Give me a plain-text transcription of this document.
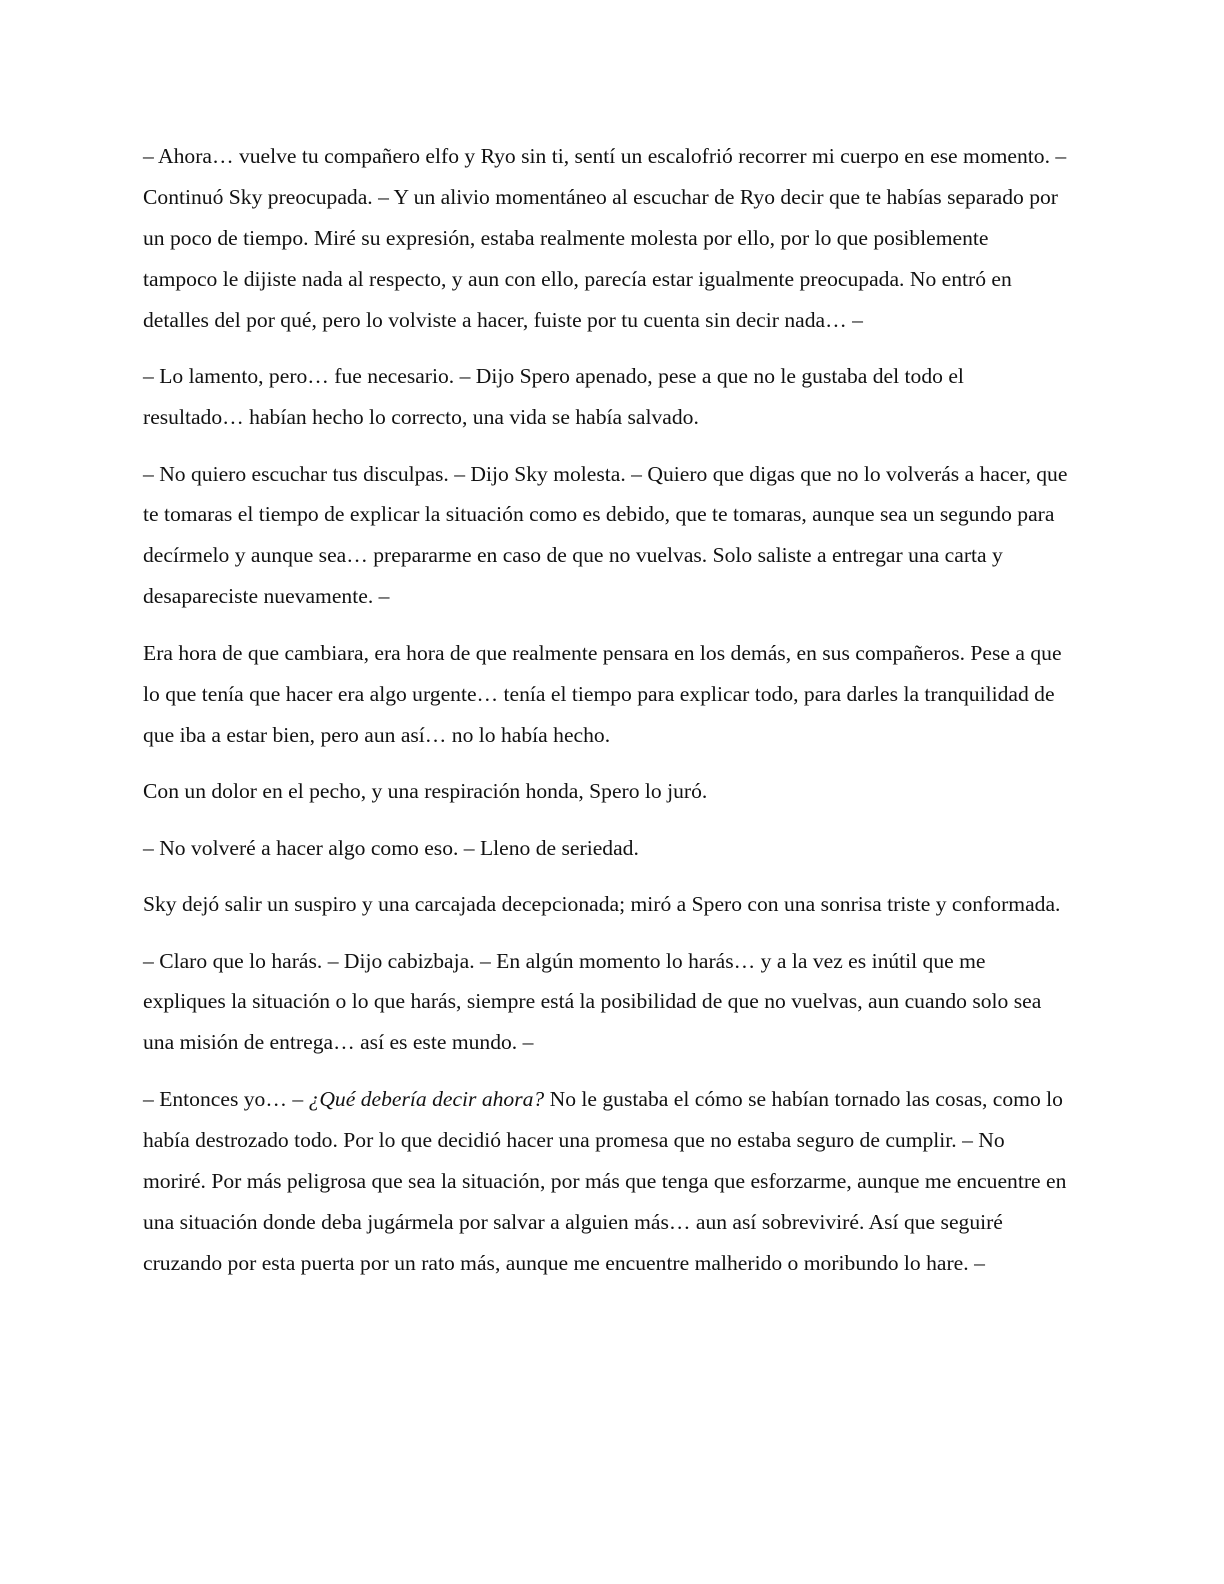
– Ahora… vuelve tu compañero elfo y Ryo sin ti, sentí un escalofrió recorrer mi cuerpo en ese momento. – Continuó Sky preocupada. – Y un alivio momentáneo al escuchar de Ryo decir que te habías separado por un poco de tiempo. Miré su expresión, estaba realmente molesta por ello, por lo que posiblemente tampoco le dijiste nada al respecto, y aun con ello, parecía estar igualmente preocupada. No entró en detalles del por qué, pero lo volviste a hacer, fuiste por tu cuenta sin decir nada… –

– Lo lamento, pero… fue necesario. – Dijo Spero apenado, pese a que no le gustaba del todo el resultado… habían hecho lo correcto, una vida se había salvado.

– No quiero escuchar tus disculpas. – Dijo Sky molesta. – Quiero que digas que no lo volverás a hacer, que te tomaras el tiempo de explicar la situación como es debido, que te tomaras, aunque sea un segundo para decírmelo y aunque sea… prepararme en caso de que no vuelvas. Solo saliste a entregar una carta y desapareciste nuevamente. –

Era hora de que cambiara, era hora de que realmente pensara en los demás, en sus compañeros. Pese a que lo que tenía que hacer era algo urgente… tenía el tiempo para explicar todo, para darles la tranquilidad de que iba a estar bien, pero aun así… no lo había hecho.

Con un dolor en el pecho, y una respiración honda, Spero lo juró.

– No volveré a hacer algo como eso. – Lleno de seriedad.

Sky dejó salir un suspiro y una carcajada decepcionada; miró a Spero con una sonrisa triste y conformada.

– Claro que lo harás. – Dijo cabizbaja. – En algún momento lo harás… y a la vez es inútil que me expliques la situación o lo que harás, siempre está la posibilidad de que no vuelvas, aun cuando solo sea una misión de entrega… así es este mundo. –

– Entonces yo… – ¿Qué debería decir ahora? No le gustaba el cómo se habían tornado las cosas, como lo había destrozado todo. Por lo que decidió hacer una promesa que no estaba seguro de cumplir. – No moriré. Por más peligrosa que sea la situación, por más que tenga que esforzarme, aunque me encuentre en una situación donde deba jugármela por salvar a alguien más… aun así sobreviviré. Así que seguiré cruzando por esta puerta por un rato más, aunque me encuentre malherido o moribundo lo hare. –
